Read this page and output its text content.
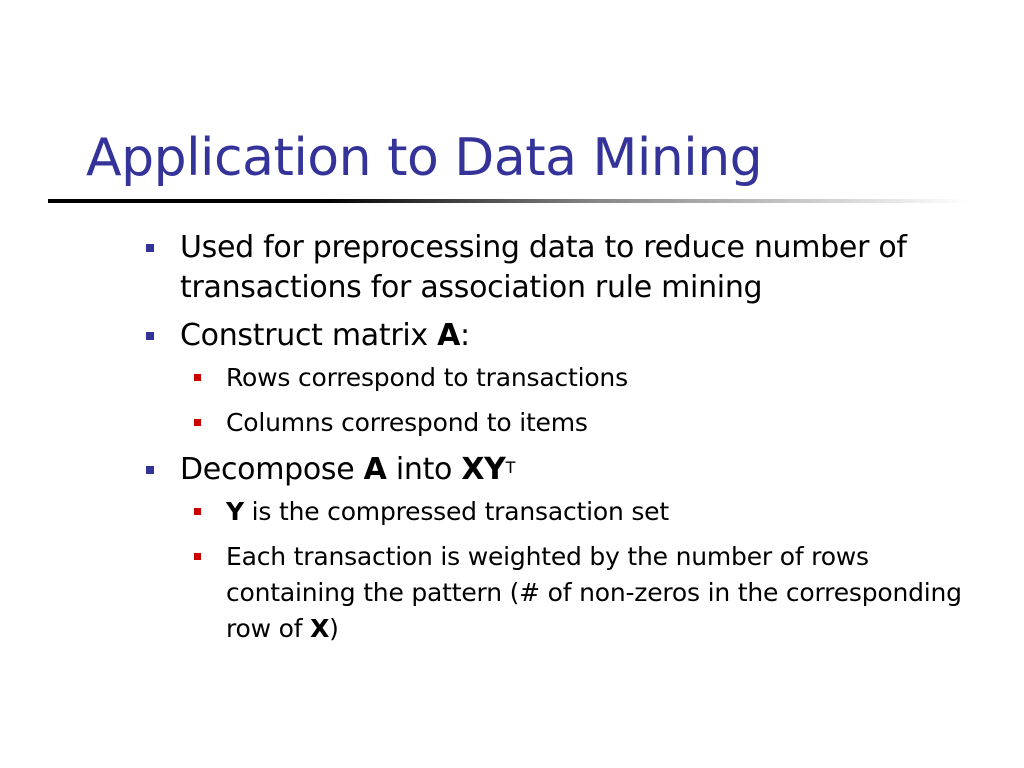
Application to Data Mining
Used for preprocessing data to reduce number of transactions for association rule mining
Construct matrix A:
Rows correspond to transactions
Columns correspond to items
Decompose A into $XY^T$
Y is the compressed transaction set
Each transaction is weighted by the number of rows containing the pattern (# of non-zeros in the corresponding row of X)
